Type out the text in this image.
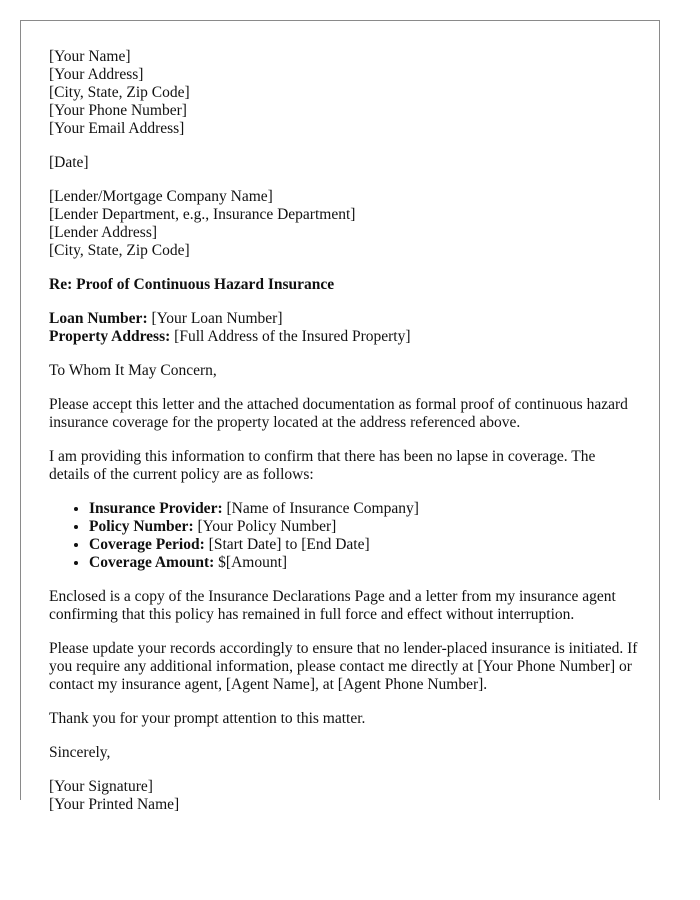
[Your Name]
[Your Address]
[City, State, Zip Code]
[Your Phone Number]
[Your Email Address]
[Date]
[Lender/Mortgage Company Name]
[Lender Department, e.g., Insurance Department]
[Lender Address]
[City, State, Zip Code]
Re: Proof of Continuous Hazard Insurance
Loan Number: [Your Loan Number]
Property Address: [Full Address of the Insured Property]

To Whom It May Concern,

Please accept this letter and the attached documentation as formal proof of continuous hazard insurance coverage for the property located at the address referenced above.

I am providing this information to confirm that there has been no lapse in coverage. The details of the current policy are as follows:

• Insurance Provider: [Name of Insurance Company]
• Policy Number: [Your Policy Number]
• Coverage Period: [Start Date] to [End Date]
• Coverage Amount: $[Amount]

Enclosed is a copy of the Insurance Declarations Page and a letter from my insurance agent confirming that this policy has remained in full force and effect without interruption.

Please update your records accordingly to ensure that no lender-placed insurance is initiated. If you require any additional information, please contact me directly at [Your Phone Number] or contact my insurance agent, [Agent Name], at [Agent Phone Number].

Thank you for your prompt attention to this matter.

Sincerely,

[Your Signature]
[Your Printed Name]
